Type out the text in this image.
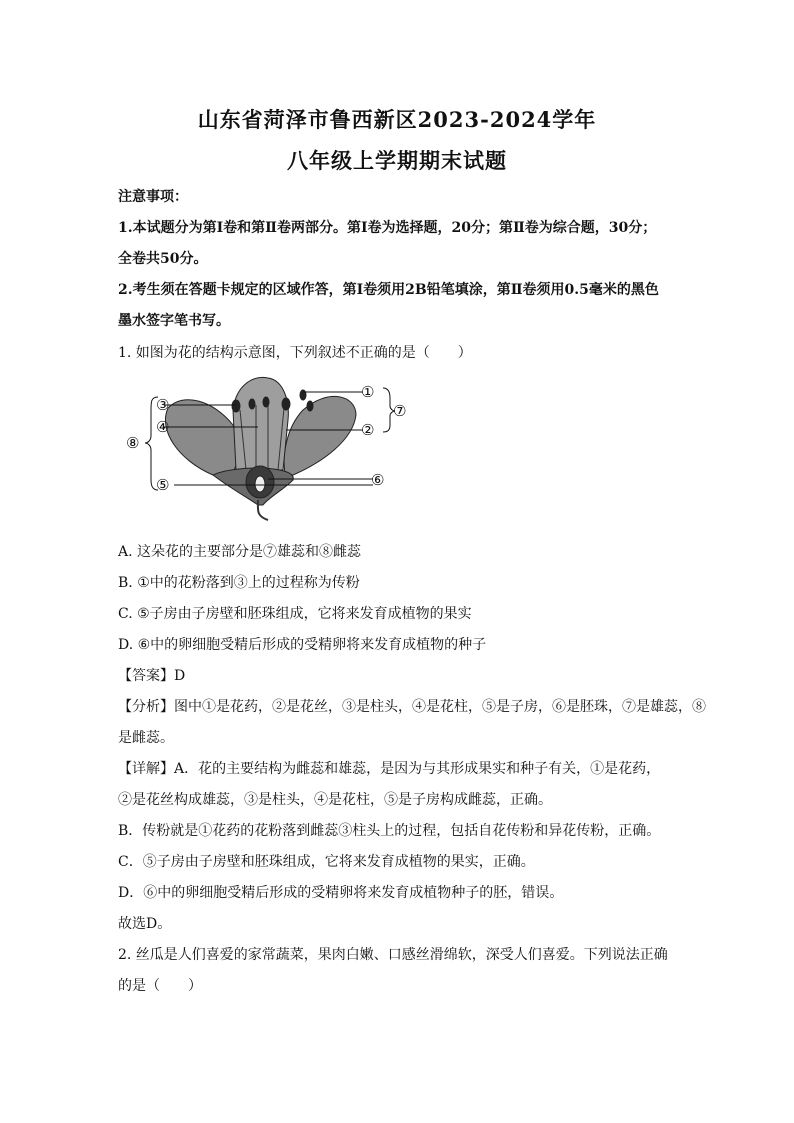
山东省菏泽市鲁西新区2023-2024学年
八年级上学期期末试题
注意事项：
1.本试题分为第Ⅰ卷和第Ⅱ卷两部分。第Ⅰ卷为选择题，20分；第Ⅱ卷为综合题，30分；
全卷共50分。
2.考生须在答题卡规定的区域作答，第Ⅰ卷须用2B铅笔填涂，第Ⅱ卷须用0.5毫米的黑色
墨水签字笔书写。
1. 如图为花的结构示意图，下列叙述不正确的是（　　）
①
②
③
④
⑤	⑥
⑦
⑧
A. 这朵花的主要部分是⑦雄蕊和⑧雌蕊
B. ①中的花粉落到③上的过程称为传粉
C. ⑤子房由子房壁和胚珠组成，它将来发育成植物的果实
D. ⑥中的卵细胞受精后形成的受精卵将来发育成植物的种子
【答案】D
【分析】图中①是花药，②是花丝，③是柱头，④是花柱，⑤是子房，⑥是胚珠，⑦是雄蕊，⑧
是雌蕊。
【详解】A．花的主要结构为雌蕊和雄蕊，是因为与其形成果实和种子有关，①是花药，
②是花丝构成雄蕊，③是柱头，④是花柱，⑤是子房构成雌蕊，正确。
B．传粉就是①花药的花粉落到雌蕊③柱头上的过程，包括自花传粉和异花传粉，正确。
C．⑤子房由子房壁和胚珠组成，它将来发育成植物的果实，正确。
D．⑥中的卵细胞受精后形成的受精卵将来发育成植物种子的胚，错误。
故选D。
2. 丝瓜是人们喜爱的家常蔬菜，果肉白嫩、口感丝滑绵软，深受人们喜爱。下列说法正确
的是（　　）
